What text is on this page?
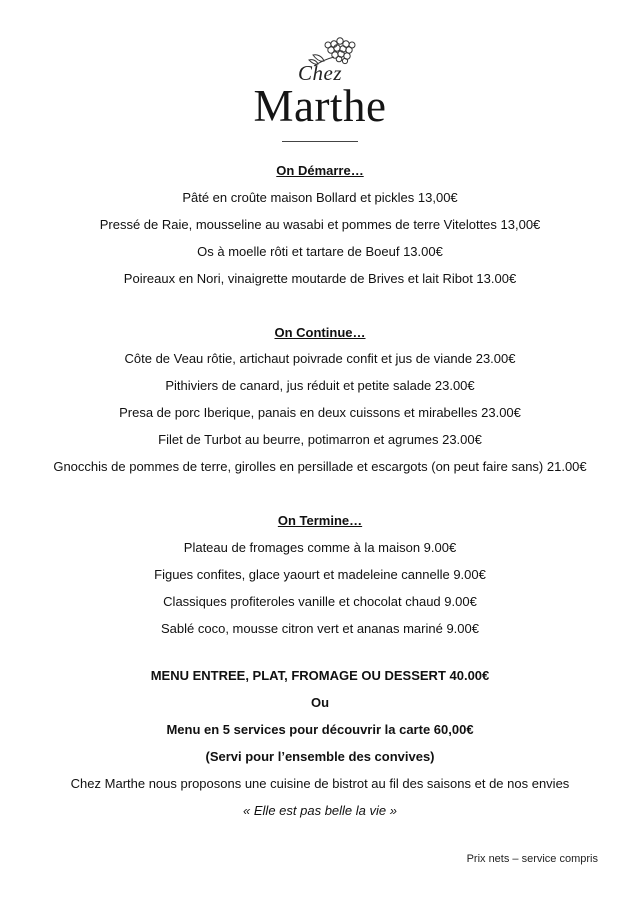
Chez
Marthe
On Démarre…
Pâté en croûte maison Bollard et pickles 13,00€
Pressé de Raie, mousseline au wasabi et pommes de terre Vitelottes 13,00€
Os à moelle rôti et tartare de Boeuf 13.00€
Poireaux en Nori, vinaigrette moutarde de Brives et lait Ribot 13.00€
On Continue…
Côte de Veau rôtie, artichaut poivrade confit et jus de viande 23.00€
Pithiviers de canard, jus réduit et petite salade 23.00€
Presa de porc Iberique, panais en deux cuissons et mirabelles 23.00€
Filet de Turbot au beurre, potimarron et agrumes 23.00€
Gnocchis de pommes de terre, girolles en persillade et escargots (on peut faire sans) 21.00€
On Termine…
Plateau de fromages comme à la maison 9.00€
Figues confites, glace yaourt et madeleine cannelle 9.00€
Classiques profiteroles vanille et chocolat chaud 9.00€
Sablé coco, mousse citron vert et ananas mariné 9.00€
MENU ENTREE, PLAT, FROMAGE OU DESSERT 40.00€
Ou
Menu en 5 services pour découvrir la carte 60,00€
(Servi pour l’ensemble des convives)
Chez Marthe nous proposons une cuisine de bistrot au fil des saisons et de nos envies
« Elle est pas belle la vie »
Prix nets – service compris
